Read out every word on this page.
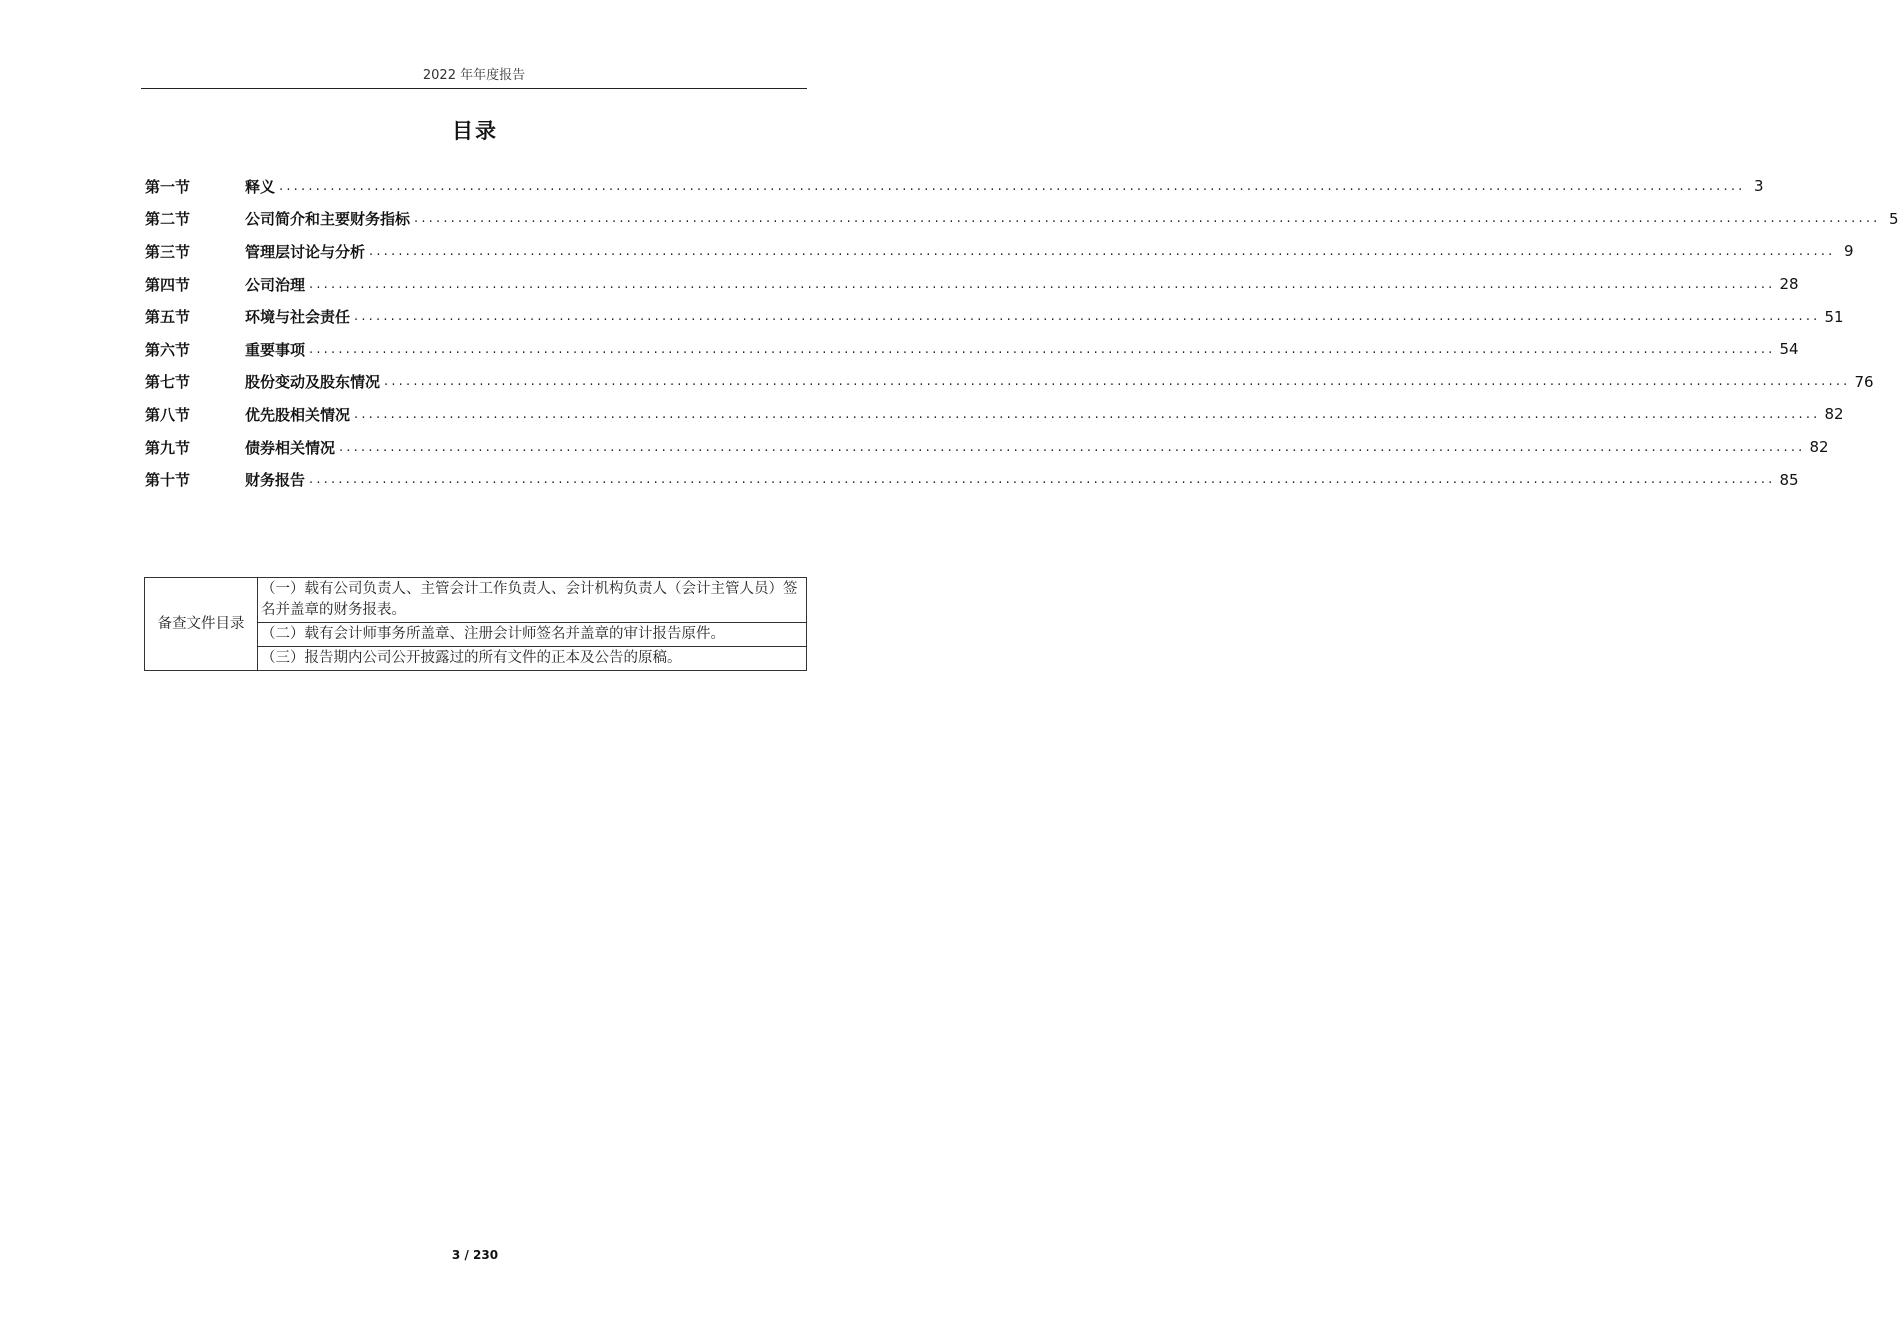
2022 年年度报告
目录
第一节	释义 ........................................................................................................................................................................................................ 3
第二节	公司简介和主要财务指标 ........................................................................................................................................................................................................ 5
第三节	管理层讨论与分析 ........................................................................................................................................................................................................ 9
第四节	公司治理 ........................................................................................................................................................................................................ 28
第五节	环境与社会责任 ........................................................................................................................................................................................................ 51
第六节	重要事项 ........................................................................................................................................................................................................ 54
第七节	股份变动及股东情况 ........................................................................................................................................................................................................ 76
第八节	优先股相关情况 ........................................................................................................................................................................................................ 82
第九节	债券相关情况 ........................................................................................................................................................................................................ 82
第十节	财务报告 ........................................................................................................................................................................................................ 85
备查文件目录	（一）载有公司负责人、主管会计工作负责人、会计机构负责人（会计主管人员）签名并盖章的财务报表。
（二）载有会计师事务所盖章、注册会计师签名并盖章的审计报告原件。
（三）报告期内公司公开披露过的所有文件的正本及公告的原稿。
3 / 230
